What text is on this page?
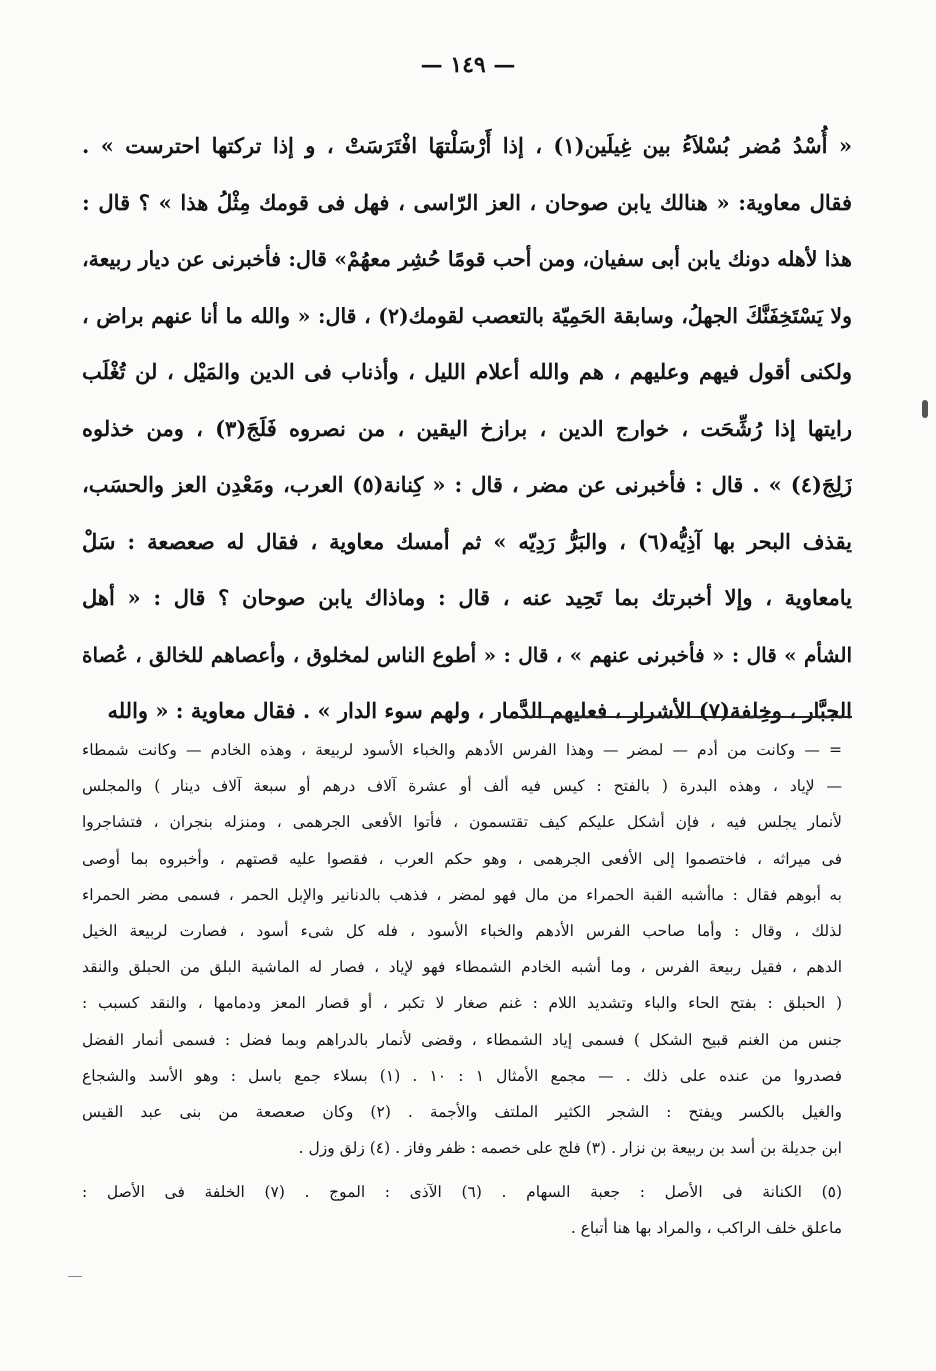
— ١٤٩ —
« أُسْدُ مُضر بُسْلاَءُ بين غِيلَين(١) ، إذا أَرْسَلْتهَا افْتَرَسَتْ ، و إذا تركتها احترست » .
فقال معاوية: « هنالك يابن صوحان ، العز الرّاسى ، فهل فى قومك مِثْلُ هذا » ؟ قال :
هذا لأهله دونك يابن أبى سفيان، ومن أحب قومًا حُشِر معهُمْ» قال: فأخبرنى عن ديار ربيعة،
ولا يَسْتَخِفَنَّكَ الجهلُ، وسابقة الحَمِيّة بالتعصب لقومك(٢) ، قال: « والله ما أنا عنهم براض ،
ولكنى أقول فيهم وعليهم ، هم والله أعلام الليل ، وأذناب فى الدين والمَيْل ، لن تُغْلَب
رايتها إذا رُشِّحَت ، خوارج الدين ، برازخ اليقين ، من نصروه فَلَجَ(٣) ، ومن خذلوه
زَلِجَ(٤) » . قال : فأخبرنى عن مضر ، قال : « كِنانة(٥) العرب، ومَعْدِن العز والحسَب،
يقذف البحر بها آذِيُّه(٦) ، والبَرُّ رَدِيّه » ثم أمسك معاوية ، فقال له صعصعة : سَلْ
يامعاوية ، وإلا أخبرتك بما تَحِيد عنه ، قال : وماذاك يابن صوحان ؟ قال : « أهل
الشأم » قال : « فأخبرنى عنهم » ، قال : « أطوع الناس لمخلوق ، وأعصاهم للخالق ، عُصاة
الجبَّار ، وخِلفة(٧) الأشرار ، فعليهم الدَّمار ، ولهم سوء الدار » . فقال معاوية : « والله
= — وكانت من أدم — لمضر — وهذا الفرس الأدهم والخباء الأسود لربيعة ، وهذه الخادم — وكانت شمطاء
— لإياد ، وهذه البدرة ( بالفتح : كيس فيه ألف أو عشرة آلاف درهم أو سبعة آلاف دينار ) والمجلس
لأنمار يجلس فيه ، فإن أشكل عليكم كيف تقتسمون ، فأتوا الأفعى الجرهمى ، ومنزله بنجران ، فتشاجروا
فى ميراثه ، فاختصموا إلى الأفعى الجرهمى ، وهو حكم العرب ، فقصوا عليه قصتهم ، وأخبروه بما أوصى
به أبوهم فقال : ماأشبه القبة الحمراء من مال فهو لمضر ، فذهب بالدنانير والإبل الحمر ، فسمى مضر الحمراء
لذلك ، وقال : وأما صاحب الفرس الأدهم والخباء الأسود ، فله كل شىء أسود ، فصارت لربيعة الخيل
الدهم ، فقيل ربيعة الفرس ، وما أشبه الخادم الشمطاء فهو لإياد ، فصار له الماشية البلق من الحبلق والنقد
( الحبلق : بفتح الحاء والباء وتشديد اللام : غنم صغار لا تكبر ، أو قصار المعز ودمامها ، والنقد كسبب :
جنس من الغنم قبيح الشكل ) فسمى إياد الشمطاء ، وقضى لأنمار بالدراهم وبما فضل : فسمى أنمار الفضل
فصدروا من عنده على ذلك . — مجمع الأمثال ١ : ١٠ . (١) بسلاء جمع باسل : وهو الأسد والشجاع
والغيل بالكسر ويفتح : الشجر الكثير الملتف والأجمة . (٢) وكان صعصعة من بنى عبد القيس
ابن جديلة بن أسد بن ربيعة بن نزار . (٣) فلج على خصمه : ظفر وفاز . (٤) زلق وزل .
(٥) الكنانة فى الأصل : جعبة السهام . (٦) الآذى : الموج . (٧) الخلفة فى الأصل :
ماعلق خلف الراكب ، والمراد بها هنا أتباع .
